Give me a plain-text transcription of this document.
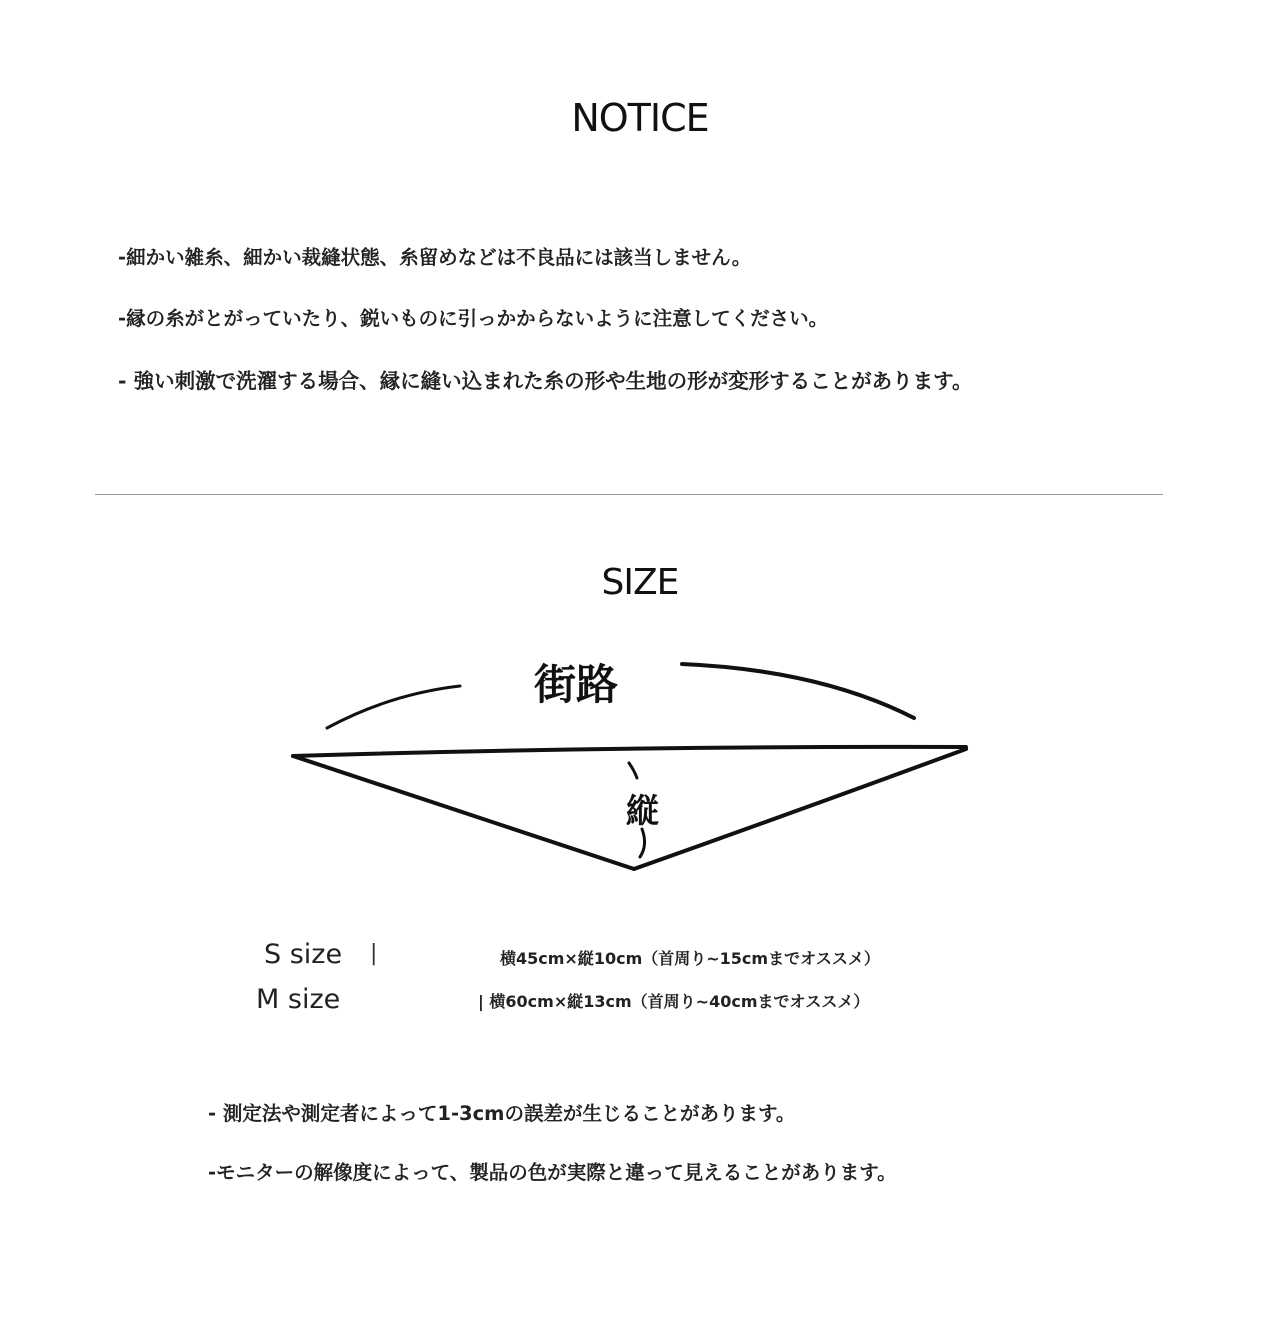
NOTICE
-細かい雑糸、細かい裁縫状態、糸留めなどは不良品には該当しません。
-縁の糸がとがっていたり、鋭いものに引っかからないように注意してください。
- 強い刺激で洗濯する場合、縁に縫い込まれた糸の形や生地の形が変形することがあります。
SIZE
街路
縦
S size |	横45cm×縦10cm（首周り~15cmまでオススメ）
M size	| 横60cm×縦13cm（首周り~40cmまでオススメ）
- 測定法や測定者によって1-3cmの誤差が生じることがあります。
-モニターの解像度によって、製品の色が実際と違って見えることがあります。
